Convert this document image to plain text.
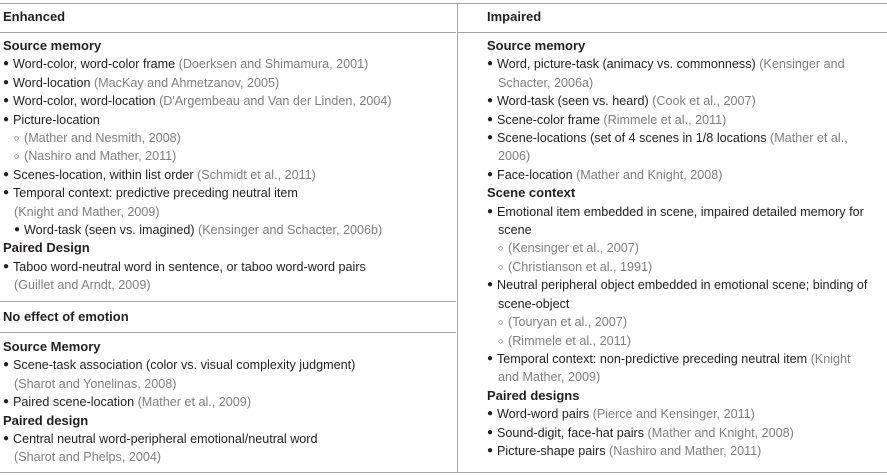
Enhanced	Impaired
No effect of emotion
Source memory
● Word-color, word-color frame (Doerksen and Shimamura, 2001)
● Word-location (MacKay and Ahmetzanov, 2005)
● Word-color, word-location (D'Argembeau and Van der Linden, 2004)
● Picture-location
○ (Mather and Nesmith, 2008)
○ (Nashiro and Mather, 2011)
● Scenes-location, within list order (Schmidt et al., 2011)
● Temporal context: predictive preceding neutral item
(Knight and Mather, 2009)
● Word-task (seen vs. imagined) (Kensinger and Schacter, 2006b)
Paired Design
● Taboo word-neutral word in sentence, or taboo word-word pairs
(Guillet and Arndt, 2009)
Source Memory
● Scene-task association (color vs. visual complexity judgment)
(Sharot and Yonelinas, 2008)
● Paired scene-location (Mather et al., 2009)
Paired design
● Central neutral word-peripheral emotional/neutral word
(Sharot and Phelps, 2004)
Source memory
● Word, picture-task (animacy vs. commonness) (Kensinger and
Schacter, 2006a)
● Word-task (seen vs. heard) (Cook et al., 2007)
● Scene-color frame (Rimmele et al., 2011)
● Scene-locations (set of 4 scenes in 1/8 locations (Mather et al.,
2006)
● Face-location (Mather and Knight, 2008)
Scene context
● Emotional item embedded in scene, impaired detailed memory for
scene
○ (Kensinger et al., 2007)
○ (Christianson et al., 1991)
● Neutral peripheral object embedded in emotional scene; binding of
scene-object
○ (Touryan et al., 2007)
○ (Rimmele et al., 2011)
● Temporal context: non-predictive preceding neutral item (Knight
and Mather, 2009)
Paired designs
● Word-word pairs (Pierce and Kensinger, 2011)
● Sound-digit, face-hat pairs (Mather and Knight, 2008)
● Picture-shape pairs (Nashiro and Mather, 2011)
